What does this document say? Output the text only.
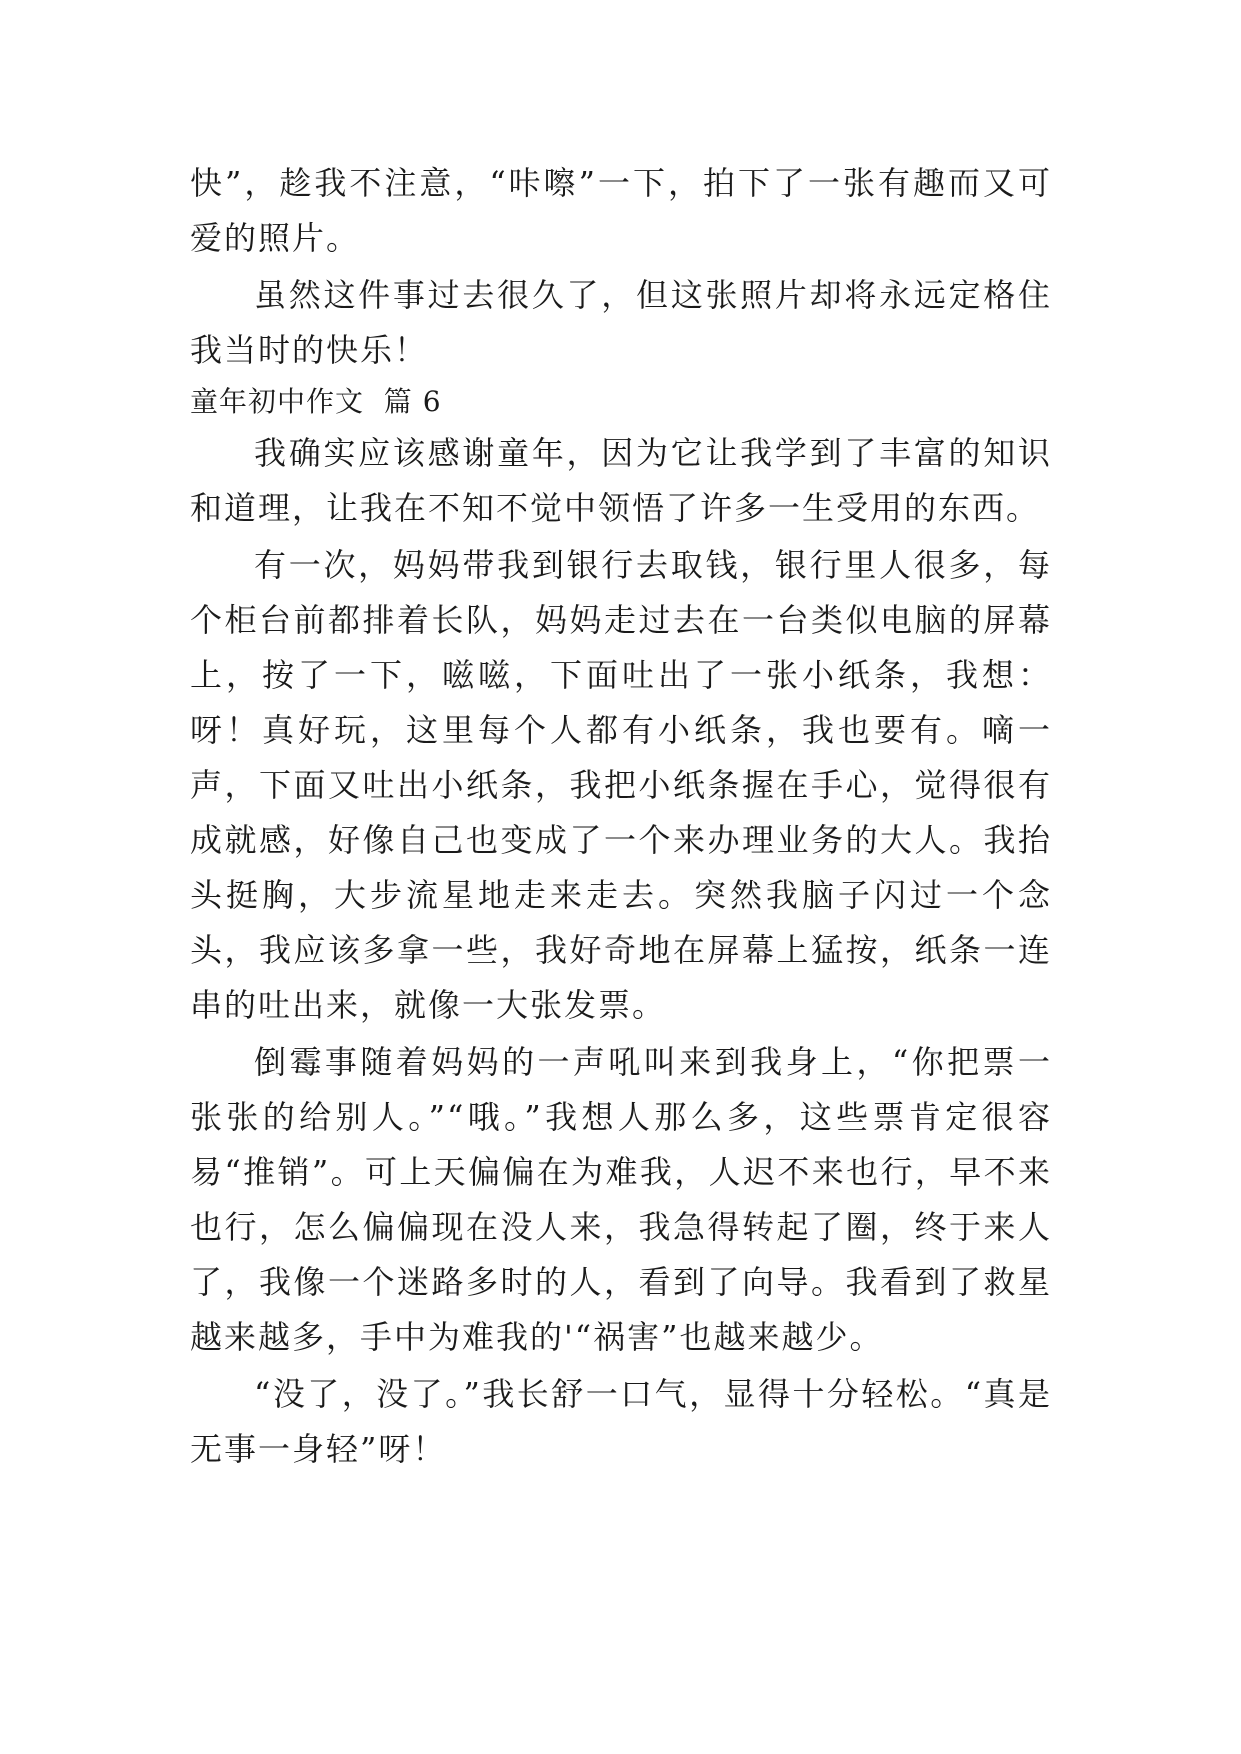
快”，趁我不注意，“咔嚓”一下，拍下了一张有趣而又可爱的照片。

虽然这件事过去很久了，但这张照片却将永远定格住我当时的快乐！

童年初中作文  篇 6

我确实应该感谢童年，因为它让我学到了丰富的知识和道理，让我在不知不觉中领悟了许多一生受用的东西。

有一次，妈妈带我到银行去取钱，银行里人很多，每个柜台前都排着长队，妈妈走过去在一台类似电脑的屏幕上，按了一下，嗞嗞，下面吐出了一张小纸条，我想：呀！真好玩，这里每个人都有小纸条，我也要有。嘀一声，下面又吐出小纸条，我把小纸条握在手心，觉得很有成就感，好像自己也变成了一个来办理业务的大人。我抬头挺胸，大步流星地走来走去。突然我脑子闪过一个念头，我应该多拿一些，我好奇地在屏幕上猛按，纸条一连串的吐出来，就像一大张发票。

倒霉事随着妈妈的一声吼叫来到我身上，“你把票一张张的给别人。”“哦。”我想人那么多，这些票肯定很容易“推销”。可上天偏偏在为难我，人迟不来也行，早不来也行，怎么偏偏现在没人来，我急得转起了圈，终于来人了，我像一个迷路多时的人，看到了向导。我看到了救星越来越多，手中为难我的'“祸害”也越来越少。

“没了，没了。”我长舒一口气，显得十分轻松。“真是无事一身轻”呀！
